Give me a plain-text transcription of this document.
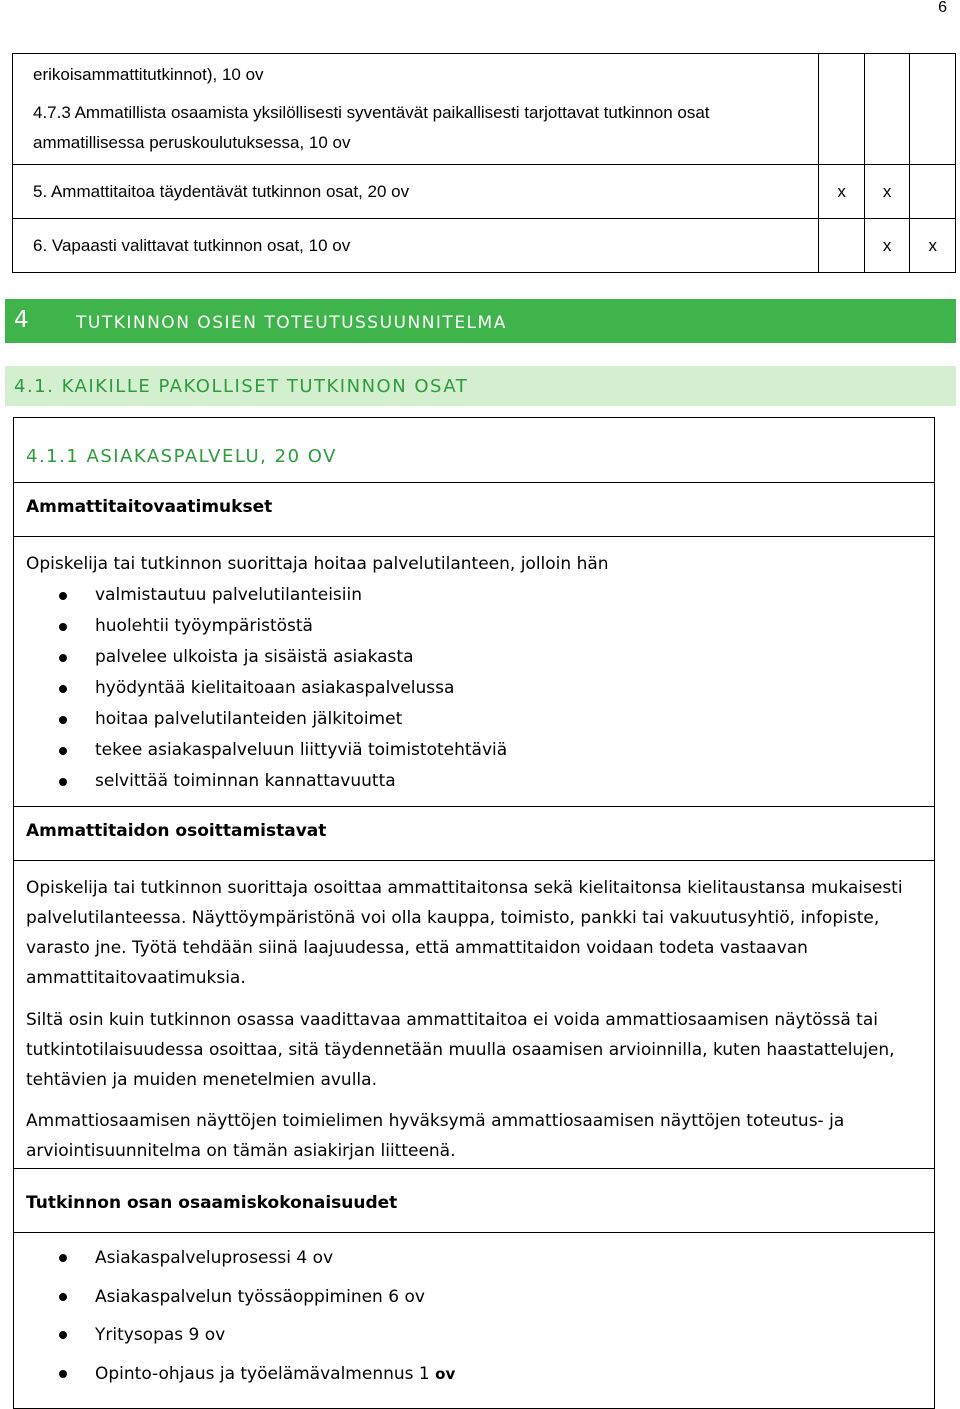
6
erikoisammattitutkinnot), 10 ov

4.7.3 Ammatillista osaamista yksilöllisesti syventävät paikallisesti tarjottavat tutkinnon osat ammatillisessa peruskoulutuksessa, 10 ov			

5. Ammattitaitoa täydentävät tutkinnon osat, 20 ov	x	x	
6. Vapaasti valittavat tutkinnon osat, 10 ov		x	x
4	TUTKINNON OSIEN TOTEUTUSSUUNNITELMA
4.1. KAIKILLE PAKOLLISET TUTKINNON OSAT
4.1.1 ASIAKASPALVELU, 20 OV
Ammattitaitovaatimukset
Opiskelija tai tutkinnon suorittaja hoitaa palvelutilanteen, jolloin hän
valmistautuu palvelutilanteisiin
huolehtii työympäristöstä
palvelee ulkoista ja sisäistä asiakasta
hyödyntää kielitaitoaan asiakaspalvelussa
hoitaa palvelutilanteiden jälkitoimet
tekee asiakaspalveluun liittyviä toimistotehtäviä
selvittää toiminnan kannattavuutta
Ammattitaidon osoittamistavat
Opiskelija tai tutkinnon suorittaja osoittaa ammattitaitonsa sekä kielitaitonsa kielitaustansa mukaisesti palvelutilanteessa. Näyttöympäristönä voi olla kauppa, toimisto, pankki tai vakuutusyhtiö, infopiste, varasto jne. Työtä tehdään siinä laajuudessa, että ammattitaidon voidaan todeta vastaavan ammattitaitovaatimuksia.
Siltä osin kuin tutkinnon osassa vaadittavaa ammattitaitoa ei voida ammattiosaamisen näytössä tai tutkintotilaisuudessa osoittaa, sitä täydennetään muulla osaamisen arvioinnilla, kuten haastattelujen, tehtävien ja muiden menetelmien avulla.
Ammattiosaamisen näyttöjen toimielimen hyväksymä ammattiosaamisen näyttöjen toteutus- ja arviointisuunnitelma on tämän asiakirjan liitteenä.
Tutkinnon osan osaamiskokonaisuudet
Asiakaspalveluprosessi 4 ov
Asiakaspalvelun työssäoppiminen 6 ov
Yritysopas 9 ov
Opinto-ohjaus ja työelämävalmennus 1 ov
